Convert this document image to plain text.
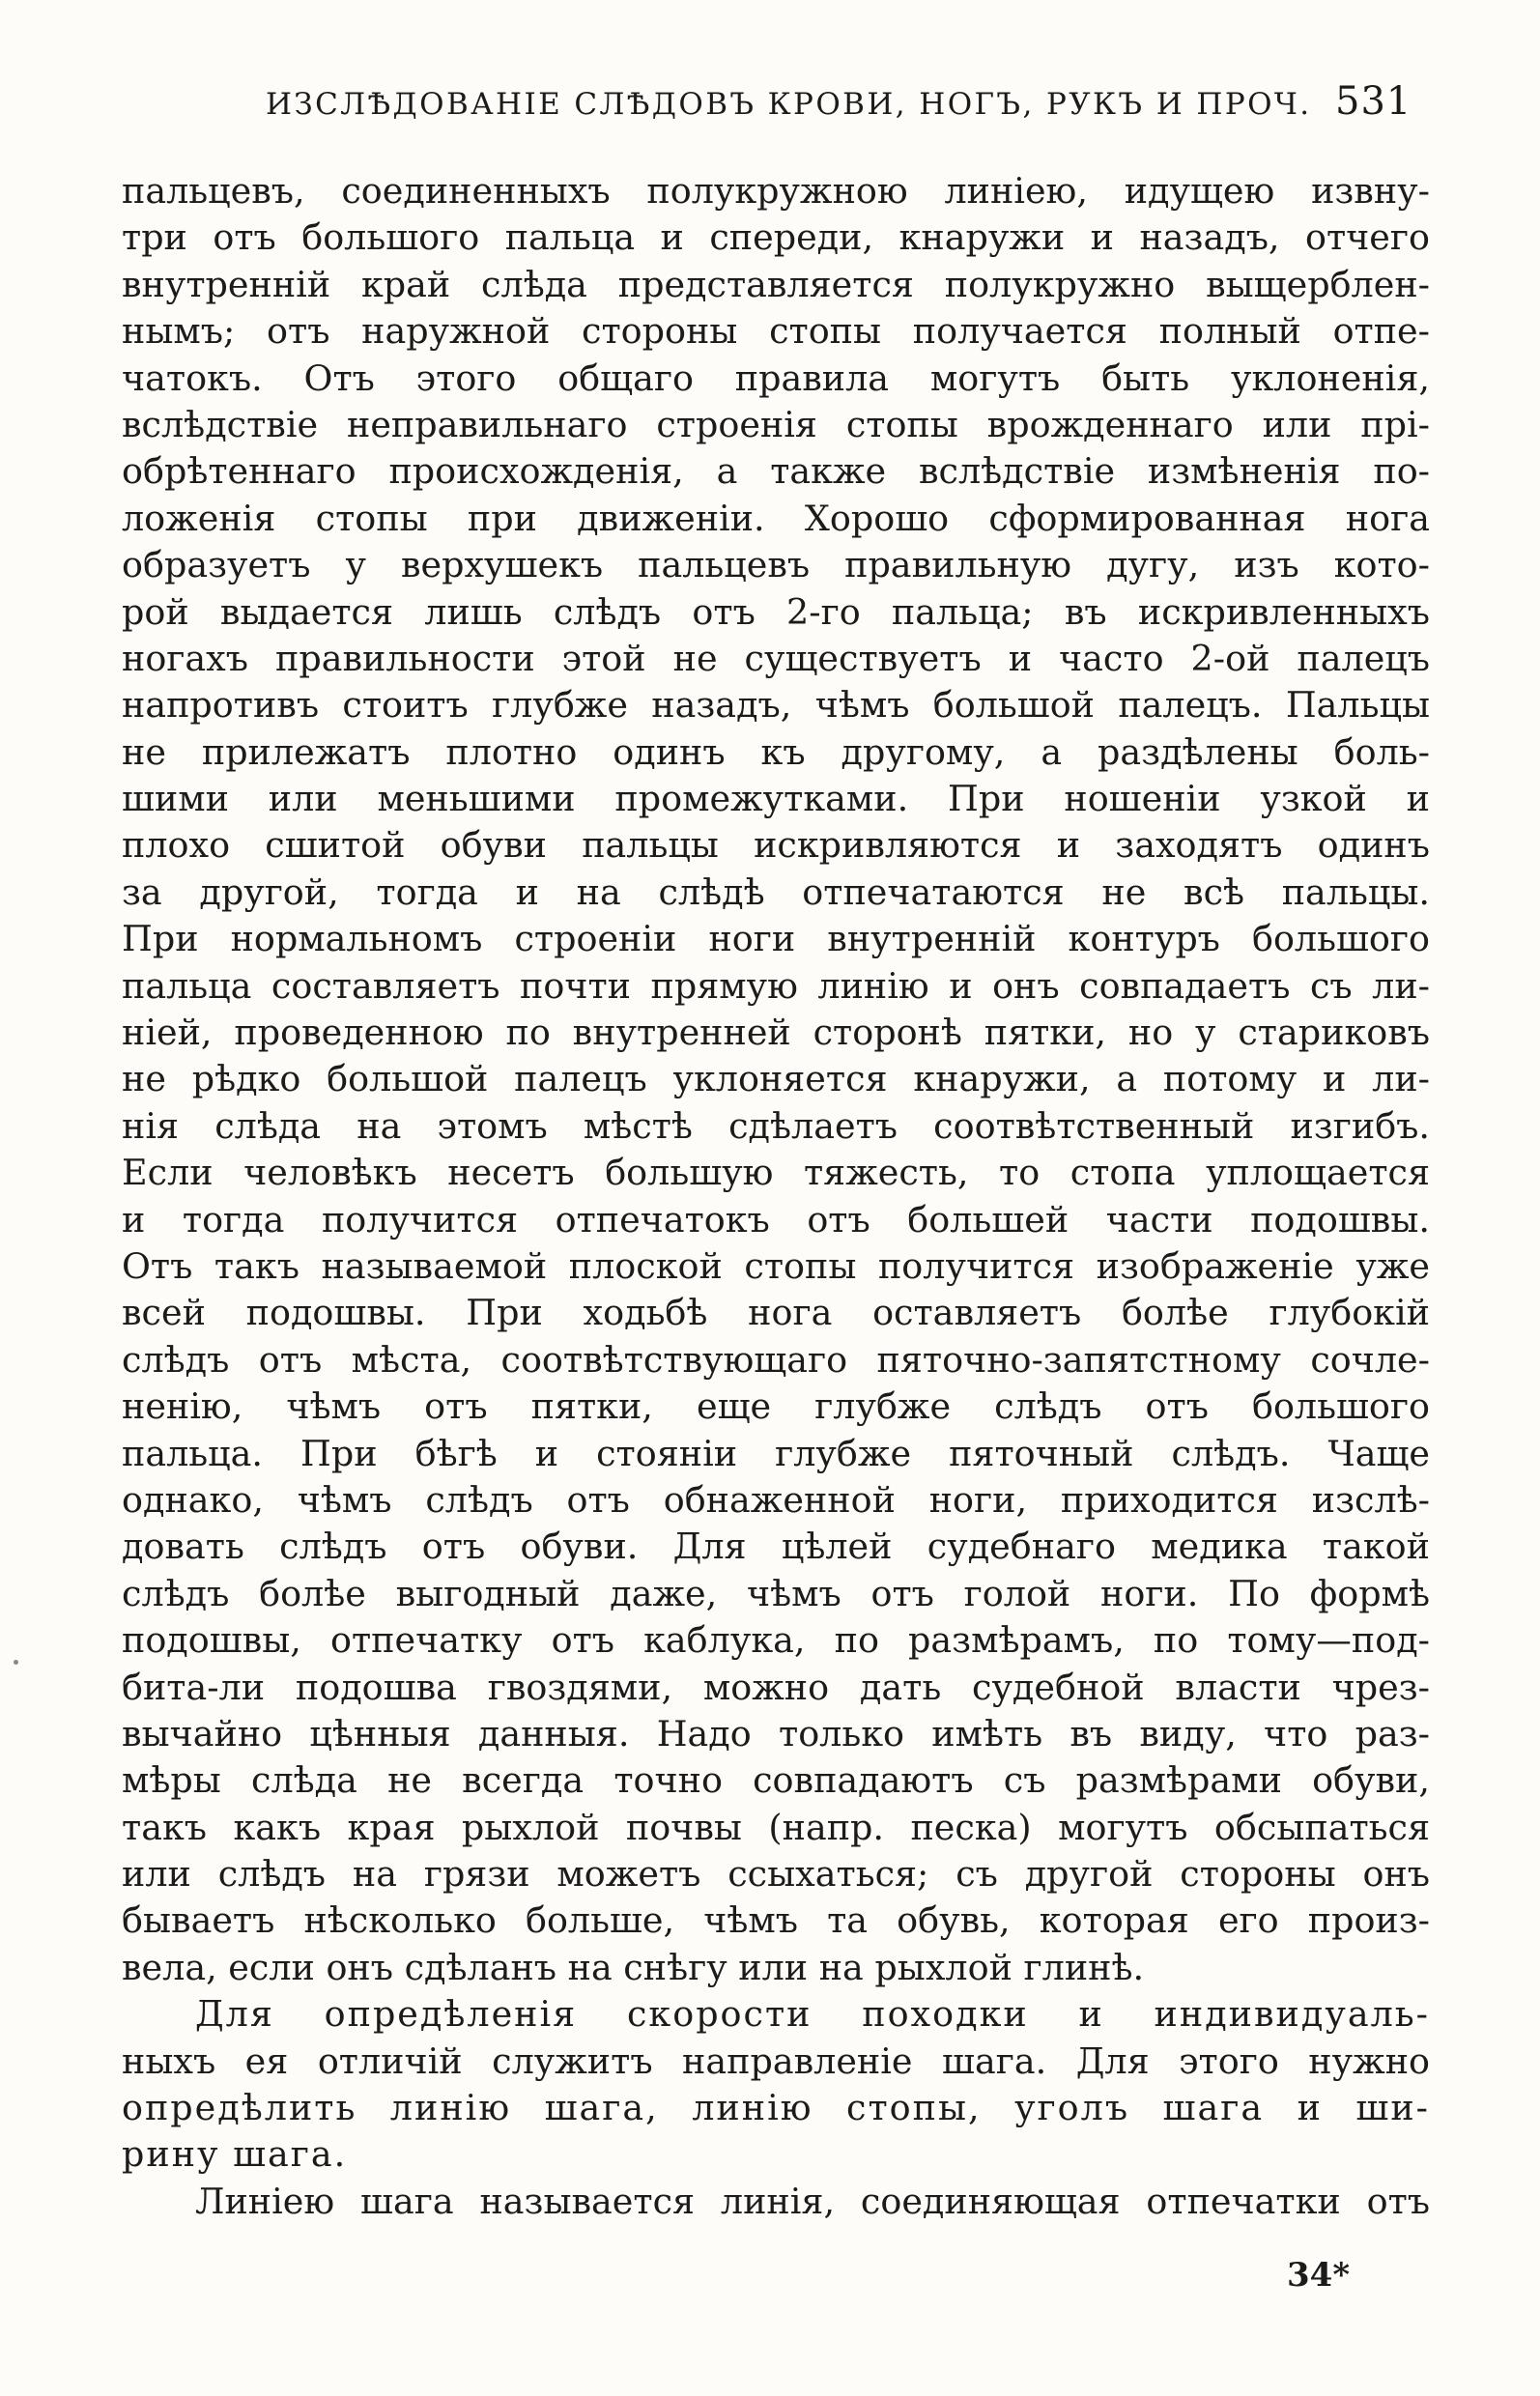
ИЗСЛѢДОВАНІЕ СЛѢДОВЪ КРОВИ, НОГЪ, РУКЪ И ПРОЧ. 531
пальцевъ, соединенныхъ полукружною линіею, идущею извну-
три отъ большого пальца и спереди, кнаружи и назадъ, отчего
внутренній край слѣда представляется полукружно выщерблен-
нымъ; отъ наружной стороны стопы получается полный отпе-
чатокъ. Отъ этого общаго правила могутъ быть уклоненія,
вслѣдствіе неправильнаго строенія стопы врожденнаго или прі-
обрѣтеннаго происхожденія, а также вслѣдствіе измѣненія по-
ложенія стопы при движеніи. Хорошо сформированная нога
образуетъ у верхушекъ пальцевъ правильную дугу, изъ кото-
рой выдается лишь слѣдъ отъ 2-го пальца; въ искривленныхъ
ногахъ правильности этой не существуетъ и часто 2-ой палецъ
напротивъ стоитъ глубже назадъ, чѣмъ большой палецъ. Пальцы
не прилежатъ плотно одинъ къ другому, а раздѣлены боль-
шими или меньшими промежутками. При ношеніи узкой и
плохо сшитой обуви пальцы искривляются и заходятъ одинъ
за другой, тогда и на слѣдѣ отпечатаются не всѣ пальцы.
При нормальномъ строеніи ноги внутренній контуръ большого
пальца составляетъ почти прямую линію и онъ совпадаетъ съ ли-
ніей, проведенною по внутренней сторонѣ пятки, но у стариковъ
не рѣдко большой палецъ уклоняется кнаружи, а потому и ли-
нія слѣда на этомъ мѣстѣ сдѣлаетъ соотвѣтственный изгибъ.
Если человѣкъ несетъ большую тяжесть, то стопа уплощается
и тогда получится отпечатокъ отъ большей части подошвы.
Отъ такъ называемой плоской стопы получится изображеніе уже
всей подошвы. При ходьбѣ нога оставляетъ болѣе глубокій
слѣдъ отъ мѣста, соотвѣтствующаго пяточно-запятстному сочле-
ненію, чѣмъ отъ пятки, еще глубже слѣдъ отъ большого
пальца. При бѣгѣ и стояніи глубже пяточный слѣдъ. Чаще
однако, чѣмъ слѣдъ отъ обнаженной ноги, приходится изслѣ-
довать слѣдъ отъ обуви. Для цѣлей судебнаго медика такой
слѣдъ болѣе выгодный даже, чѣмъ отъ голой ноги. По формѣ
подошвы, отпечатку отъ каблука, по размѣрамъ, по тому—под-
бита-ли подошва гвоздями, можно дать судебной власти чрез-
вычайно цѣнныя данныя. Надо только имѣть въ виду, что раз-
мѣры слѣда не всегда точно совпадаютъ съ размѣрами обуви,
такъ какъ края рыхлой почвы (напр. песка) могутъ обсыпаться
или слѣдъ на грязи можетъ ссыхаться; съ другой стороны онъ
бываетъ нѣсколько больше, чѣмъ та обувь, которая его произ-
вела, если онъ сдѣланъ на снѣгу или на рыхлой глинѣ.
Для опредѣленія скорости походки и индивидуаль-
ныхъ ея отличій служитъ направленіе шага. Для этого нужно
опредѣлить линію шага, линію стопы, уголъ шага и ши-
рину шага.
Линіею шага называется линія, соединяющая отпечатки отъ
34*
